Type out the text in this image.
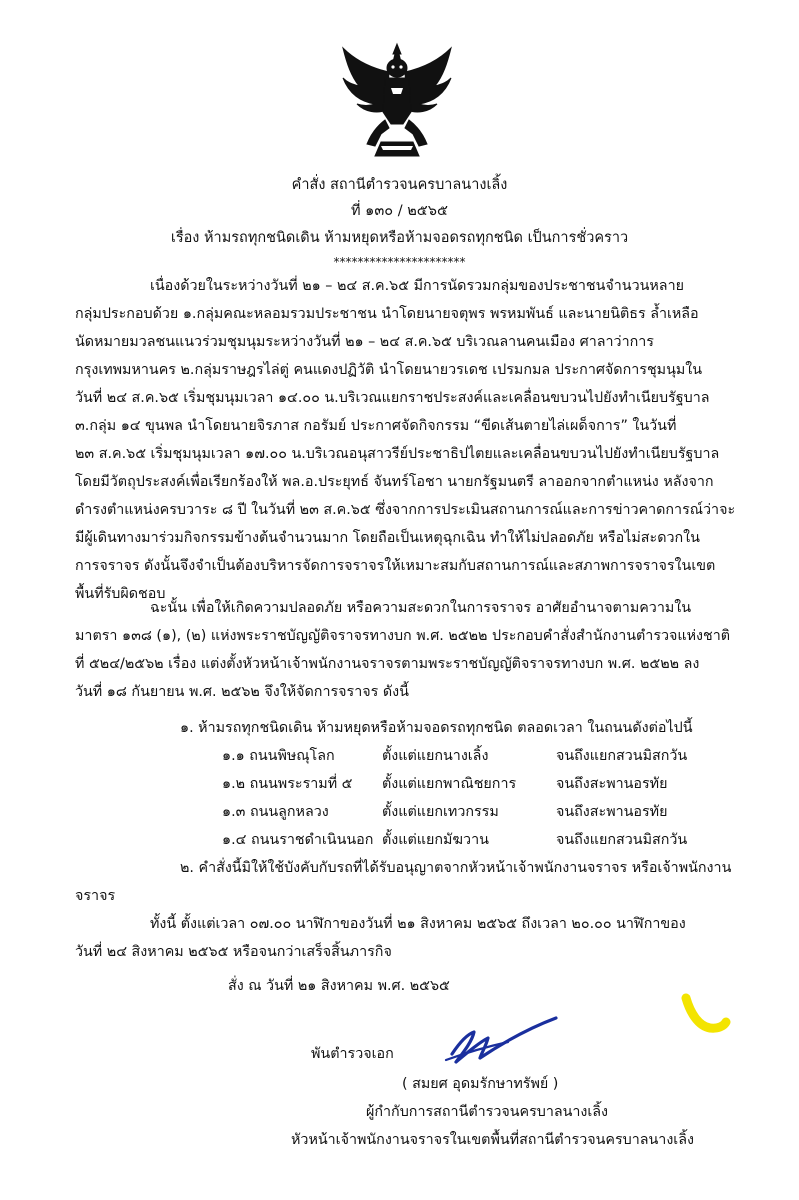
คำสั่ง สถานีตำรวจนครบาลนางเลิ้ง
ที่ ๑๓๐ / ๒๕๖๕
เรื่อง ห้ามรถทุกชนิดเดิน ห้ามหยุดหรือห้ามจอดรถทุกชนิด เป็นการชั่วคราว
**********************
เนื่องด้วยในระหว่างวันที่ ๒๑ – ๒๔ ส.ค.๖๕ มีการนัดรวมกลุ่มของประชาชนจำนวนหลาย
กลุ่มประกอบด้วย ๑.กลุ่มคณะหลอมรวมประชาชน นำโดยนายจตุพร พรหมพันธ์ และนายนิติธร ล้ำเหลือ
นัดหมายมวลชนแนวร่วมชุมนุมระหว่างวันที่ ๒๑ – ๒๔ ส.ค.๖๕ บริเวณลานคนเมือง ศาลาว่าการ
กรุงเทพมหานคร ๒.กลุ่มราษฎรไล่ตู่ คนแดงปฏิวัติ นำโดยนายวรเดช เปรมกมล ประกาศจัดการชุมนุมใน
วันที่ ๒๔ ส.ค.๖๕ เริ่มชุมนุมเวลา ๑๔.๐๐ น.บริเวณแยกราชประสงค์และเคลื่อนขบวนไปยังทำเนียบรัฐบาล
๓.กลุ่ม ๑๔ ขุนพล นำโดยนายจิรภาส กอรัมย์ ประกาศจัดกิจกรรม “ขีดเส้นตายไล่เผด็จการ” ในวันที่
๒๓ ส.ค.๖๕ เริ่มชุมนุมเวลา ๑๗.๐๐ น.บริเวณอนุสาวรีย์ประชาธิปไตยและเคลื่อนขบวนไปยังทำเนียบรัฐบาล
โดยมีวัตถุประสงค์เพื่อเรียกร้องให้ พล.อ.ประยุทธ์ จันทร์โอชา นายกรัฐมนตรี ลาออกจากตำแหน่ง หลังจาก
ดำรงตำแหน่งครบวาระ ๘ ปี ในวันที่ ๒๓ ส.ค.๖๕ ซึ่งจากการประเมินสถานการณ์และการข่าวคาดการณ์ว่าจะ
มีผู้เดินทางมาร่วมกิจกรรมข้างต้นจำนวนมาก โดยถือเป็นเหตุฉุกเฉิน ทำให้ไม่ปลอดภัย หรือไม่สะดวกใน
การจราจร ดังนั้นจึงจำเป็นต้องบริหารจัดการจราจรให้เหมาะสมกับสถานการณ์และสภาพการจราจรในเขต
พื้นที่รับผิดชอบ
ฉะนั้น เพื่อให้เกิดความปลอดภัย หรือความสะดวกในการจราจร อาศัยอำนาจตามความใน
มาตรา ๑๓๘ (๑), (๒) แห่งพระราชบัญญัติจราจรทางบก พ.ศ. ๒๕๒๒ ประกอบคำสั่งสำนักงานตำรวจแห่งชาติ
ที่ ๕๒๔/๒๕๖๒ เรื่อง แต่งตั้งหัวหน้าเจ้าพนักงานจราจรตามพระราชบัญญัติจราจรทางบก พ.ศ. ๒๕๒๒ ลง
วันที่ ๑๘ กันยายน พ.ศ. ๒๕๖๒ จึงให้จัดการจราจร ดังนี้
๑. ห้ามรถทุกชนิดเดิน ห้ามหยุดหรือห้ามจอดรถทุกชนิด ตลอดเวลา ในถนนดังต่อไปนี้
๑.๑ ถนนพิษณุโลก	ตั้งแต่แยกนางเลิ้ง	จนถึงแยกสวนมิสกวัน
๑.๒ ถนนพระรามที่ ๕ ตั้งแต่แยกพาณิชยการ	จนถึงสะพานอรทัย
๑.๓ ถนนลูกหลวง	ตั้งแต่แยกเทวกรรม	จนถึงสะพานอรทัย
๑.๔ ถนนราชดำเนินนอก ตั้งแต่แยกมัฆวาน	จนถึงแยกสวนมิสกวัน
๒. คำสั่งนี้มิให้ใช้บังคับกับรถที่ได้รับอนุญาตจากหัวหน้าเจ้าพนักงานจราจร หรือเจ้าพนักงาน
จราจร
ทั้งนี้ ตั้งแต่เวลา ๐๗.๐๐ นาฬิกาของวันที่ ๒๑ สิงหาคม ๒๕๖๕ ถึงเวลา ๒๐.๐๐ นาฬิกาของ
วันที่ ๒๔ สิงหาคม ๒๕๖๕ หรือจนกว่าเสร็จสิ้นภารกิจ
สั่ง ณ วันที่ ๒๑ สิงหาคม พ.ศ. ๒๕๖๕
พันตำรวจเอก
( สมยศ อุดมรักษาทรัพย์ )
ผู้กำกับการสถานีตำรวจนครบาลนางเลิ้ง
หัวหน้าเจ้าพนักงานจราจรในเขตพื้นที่สถานีตำรวจนครบาลนางเลิ้ง
